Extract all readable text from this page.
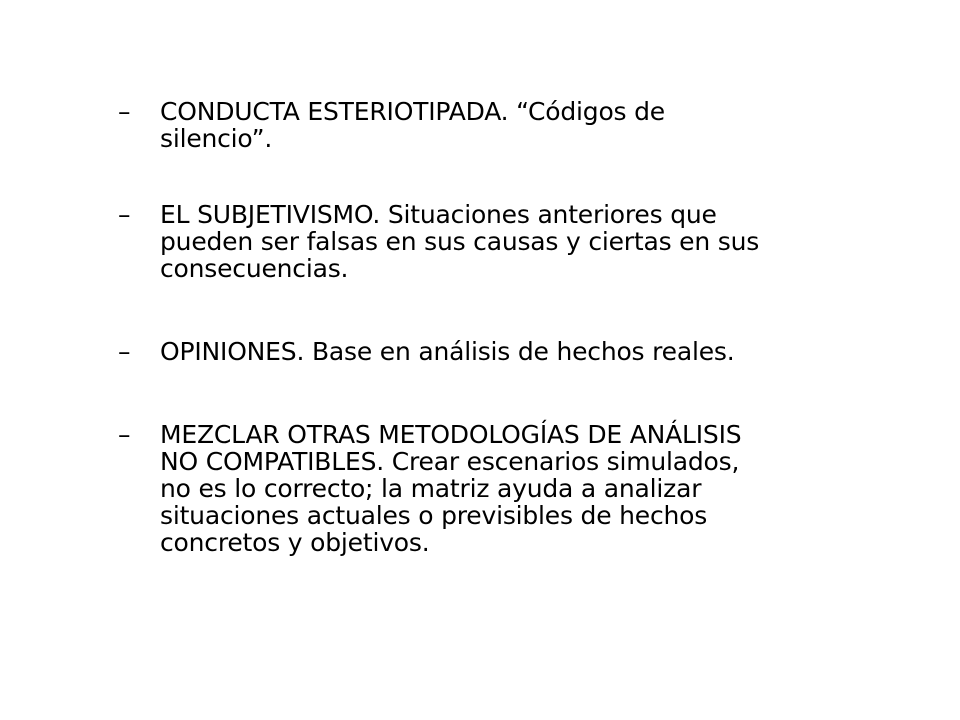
–	CONDUCTA ESTERIOTIPADA. “Códigos de
silencio”.
–	EL SUBJETIVISMO. Situaciones anteriores que
pueden ser falsas en sus causas y ciertas en sus
consecuencias.
–	OPINIONES. Base en análisis de hechos reales.
–	MEZCLAR OTRAS METODOLOGÍAS DE ANÁLISIS
NO COMPATIBLES. Crear escenarios simulados,
no es lo correcto; la matriz ayuda a analizar
situaciones actuales o previsibles de hechos
concretos y objetivos.
